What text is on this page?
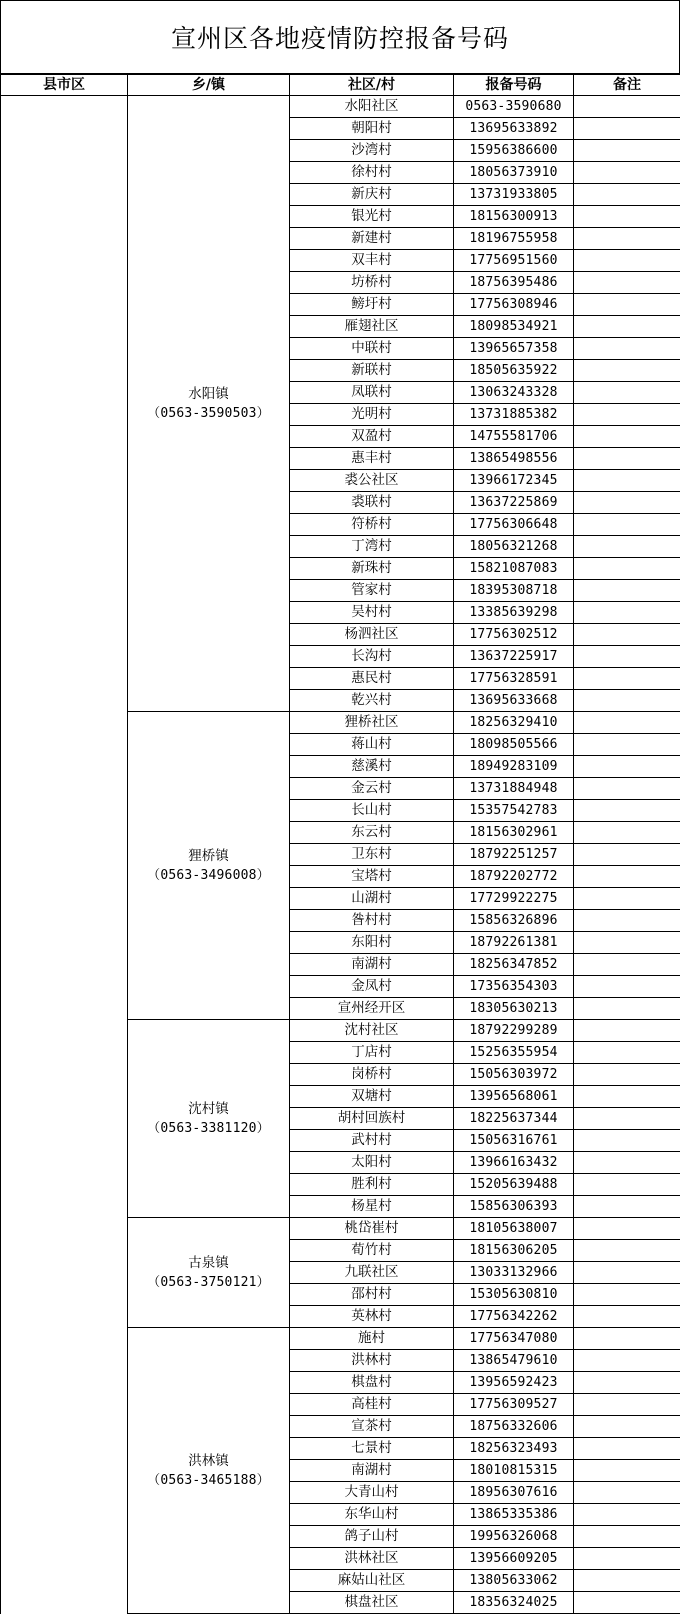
宣州区各地疫情防控报备号码
县市区	乡/镇	社区/村	报备号码	备注

	水阳镇
（0563-3590503）	水阳社区	0563-3590680	
		朝阳村	13695633892	
		沙湾村	15956386600	
		徐村村	18056373910	
		新庆村	13731933805	
		银光村	18156300913	
		新建村	18196755958	
		双丰村	17756951560	
		坊桥村	18756395486	
		鳑圩村	17756308946	
		雁翅社区	18098534921	
		中联村	13965657358	
		新联村	18505635922	
		凤联村	13063243328	
		光明村	13731885382	
		双盈村	14755581706	
		惠丰村	13865498556	
		裘公社区	13966172345	
		裘联村	13637225869	
		符桥村	17756306648	
		丁湾村	18056321268	
		新珠村	15821087083	
		管家村	18395308718	
		吴村村	13385639298	
		杨泗社区	17756302512	
		长沟村	13637225917	
		惠民村	17756328591	
		乾兴村	13695633668	

	狸桥镇
（0563-3496008）	狸桥社区	18256329410	
		蒋山村	18098505566	
		慈溪村	18949283109	
		金云村	13731884948	
		长山村	15357542783	
		东云村	18156302961	
		卫东村	18792251257	
		宝塔村	18792202772	
		山湖村	17729922275	
		昝村村	15856326896	
		东阳村	18792261381	
		南湖村	18256347852	
		金凤村	17356354303	
		宣州经开区	18305630213	

	沈村镇
（0563-3381120）	沈村社区	18792299289	
		丁店村	15256355954	
		岗桥村	15056303972	
		双塘村	13956568061	
		胡村回族村	18225637344	
		武村村	15056316761	
		太阳村	13966163432	
		胜利村	15205639488	
		杨星村	15856306393	

	古泉镇
（0563-3750121）	桃岱崔村	18105638007	
		荀竹村	18156306205	
		九联社区	13033132966	
		邵村村	15305630810	
		英林村	17756342262	

	洪林镇
（0563-3465188）	施村	17756347080	
		洪林村	13865479610	
		棋盘村	13956592423	
		高桂村	17756309527	
		宣茶村	18756332606	
		七景村	18256323493	
		南湖村	18010815315	
		大青山村	18956307616	
		东华山村	13865335386	
		鸽子山村	19956326068	
		洪林社区	13956609205	
		麻姑山社区	13805633062	
		棋盘社区	18356324025	
